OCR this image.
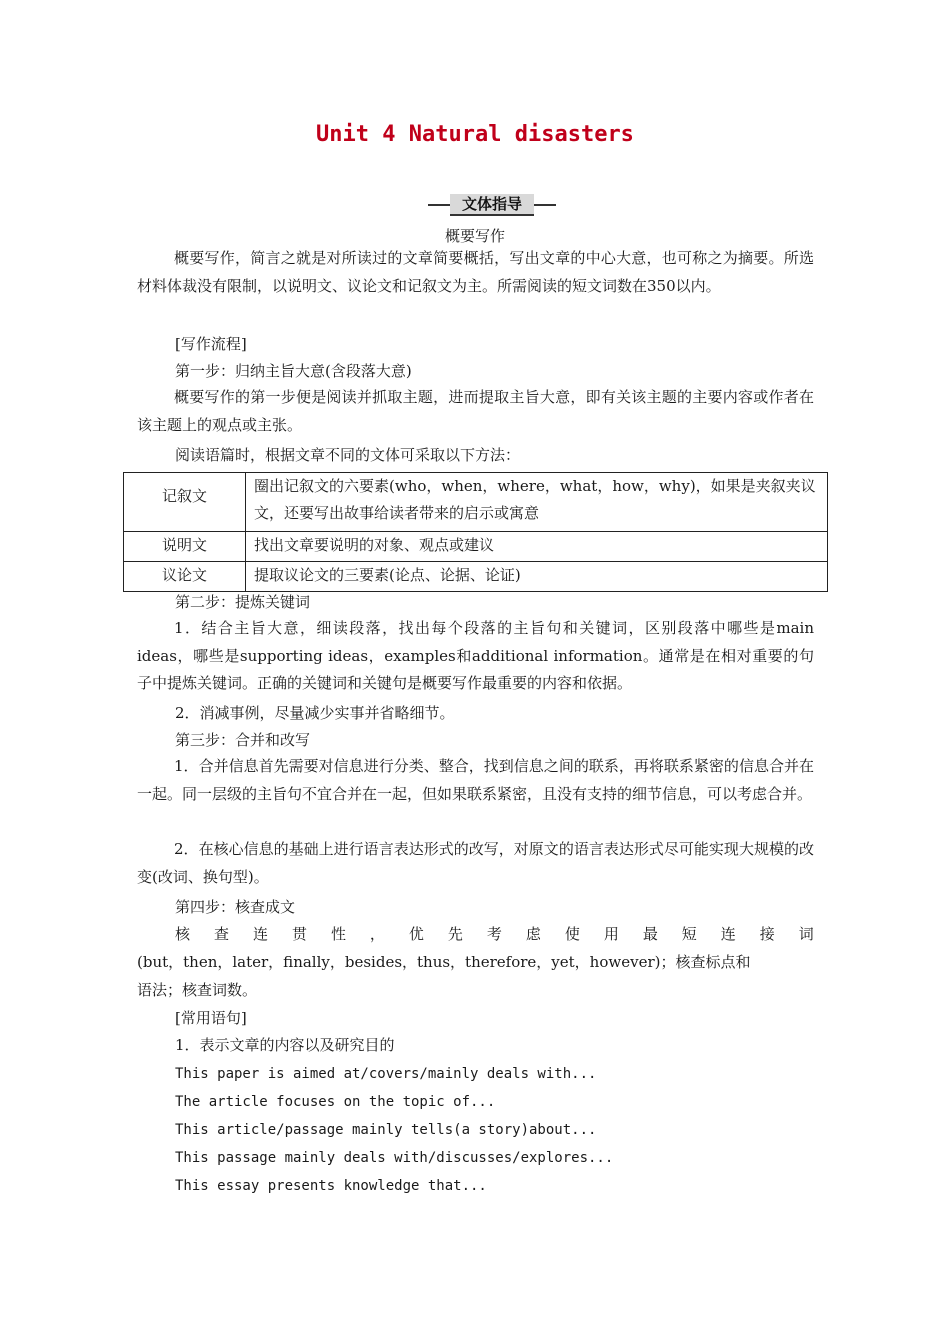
Unit 4 Natural disasters
文体指导
概要写作
概要写作，简言之就是对所读过的文章简要概括，写出文章的中心大意，也可称之为摘要。所选材料体裁没有限制，以说明文、议论文和记叙文为主。所需阅读的短文词数在350以内。
[写作流程]
第一步：归纳主旨大意(含段落大意)
概要写作的第一步便是阅读并抓取主题，进而提取主旨大意，即有关该主题的主要内容或作者在该主题上的观点或主张。
阅读语篇时，根据文章不同的文体可采取以下方法：
记叙文	圈出记叙文的六要素(who，when，where，what，how，why)，如果是夹叙夹议文，还要写出故事给读者带来的启示或寓意
说明文	找出文章要说明的对象、观点或建议
议论文	提取议论文的三要素(论点、论据、论证)
第二步：提炼关键词
1．结合主旨大意，细读段落，找出每个段落的主旨句和关键词，区别段落中哪些是main ideas，哪些是supporting ideas，examples和additional information。通常是在相对重要的句子中提炼关键词。正确的关键词和关键句是概要写作最重要的内容和依据。
2．消减事例，尽量减少实事并省略细节。
第三步：合并和改写
1．合并信息首先需要对信息进行分类、整合，找到信息之间的联系，再将联系紧密的信息合并在一起。同一层级的主旨句不宜合并在一起，但如果联系紧密，且没有支持的细节信息，可以考虑合并。
2．在核心信息的基础上进行语言表达形式的改写，对原文的语言表达形式尽可能实现大规模的改变(改词、换句型)。
第四步：核查成文
核 查 连 贯 性 ， 优 先 考 虑 使 用 最 短 连 接 词
(but，then，later，finally，besides，thus，therefore，yet，however)；核查标点和
语法；核查词数。
[常用语句]
1．表示文章的内容以及研究目的
This paper is aimed at/covers/mainly deals with...
The article focuses on the topic of...
This article/passage mainly tells(a story)about...
This passage mainly deals with/discusses/explores...
This essay presents knowledge that...
